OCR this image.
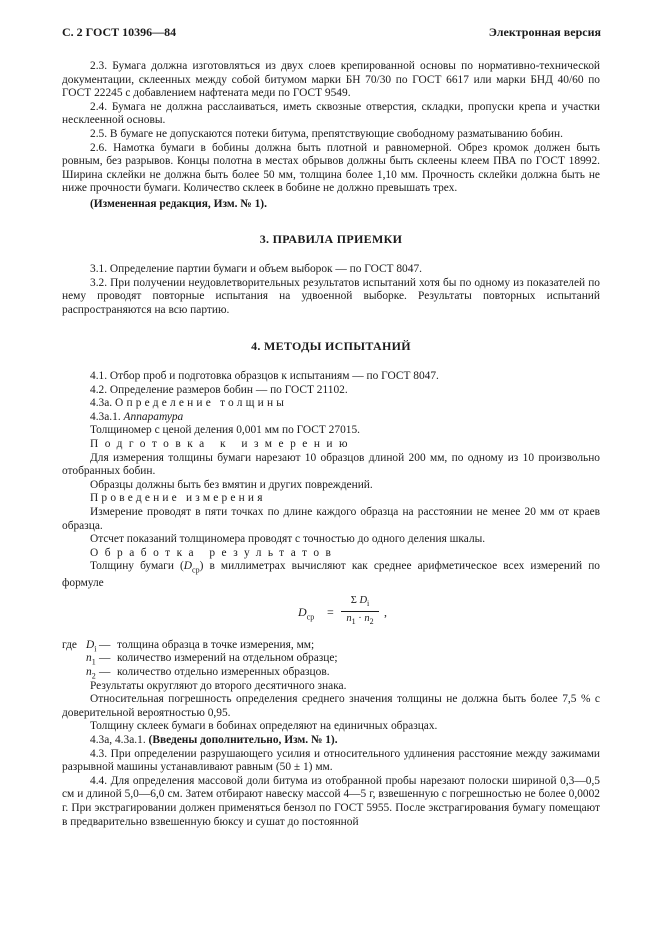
С. 2 ГОСТ 10396—84	Электронная версия

2.3. Бумага должна изготовляться из двух слоев крепированной основы по нормативно-технической документации, склеенных между собой битумом марки БН 70/30 по ГОСТ 6617 или марки БНД 40/60 по ГОСТ 22245 с добавлением нафтената меди по ГОСТ 9549.

2.4. Бумага не должна расслаиваться, иметь сквозные отверстия, складки, пропуски крепа и участки несклеенной основы.

2.5. В бумаге не допускаются потеки битума, препятствующие свободному разматыванию бобин.

2.6. Намотка бумаги в бобины должна быть плотной и равномерной. Обрез кромок должен быть ровным, без разрывов. Концы полотна в местах обрывов должны быть склеены клеем ПВА по ГОСТ 18992. Ширина склейки не должна быть более 50 мм, толщина более 1,10 мм. Прочность склейки должна быть не ниже прочности бумаги. Количество склеек в бобине не должно превышать трех.

(Измененная редакция, Изм. № 1).

3. ПРАВИЛА ПРИЕМКИ

3.1. Определение партии бумаги и объем выборок — по ГОСТ 8047.

3.2. При получении неудовлетворительных результатов испытаний хотя бы по одному из показателей по нему проводят повторные испытания на удвоенной выборке. Результаты повторных испытаний распространяются на всю партию.

4. МЕТОДЫ ИСПЫТАНИЙ

4.1. Отбор проб и подготовка образцов к испытаниям — по ГОСТ 8047.

4.2. Определение размеров бобин — по ГОСТ 21102.

4.3а. Определение толщины

4.3а.1. Аппаратура

Толщиномер с ценой деления 0,001 мм по ГОСТ 27015.

Подготовка к измерению

Для измерения толщины бумаги нарезают 10 образцов длиной 200 мм, по одному из 10 произвольно отобранных бобин.

Образцы должны быть без вмятин и других повреждений.

Проведение измерения

Измерение проводят в пяти точках по длине каждого образца на расстоянии не менее 20 мм от краев образца.

Отсчет показаний толщиномера проводят с точностью до одного деления шкалы.

Обработка результатов

Толщину бумаги $(D_{ср})$ в миллиметрах вычисляют как среднее арифметическое всех измерений по формуле

$D_{ср} = \frac{\Sigma D_i}{n_1 \cdot n_2}$ ,
где $D_i$ — толщина образца в точке измерения, мм;
$n_1$ — количество измерений на отдельном образце;
$n_2$ — количество отдельно измеренных образцов.

Результаты округляют до второго десятичного знака.

Относительная погрешность определения среднего значения толщины не должна быть более 7,5 % с доверительной вероятностью 0,95.

Толщину склеек бумаги в бобинах определяют на единичных образцах.

4.3а, 4.3а.1. (Введены дополнительно, Изм. № 1).

4.3. При определении разрушающего усилия и относительного удлинения расстояние между зажимами разрывной машины устанавливают равным (50 ± 1) мм.

4.4. Для определения массовой доли битума из отобранной пробы нарезают полоски шириной 0,3—0,5 см и длиной 5,0—6,0 см. Затем отбирают навеску массой 4—5 г, взвешенную с погрешностью не более 0,0002 г. При экстрагировании должен применяться бензол по ГОСТ 5955. После экстрагирования бумагу помещают в предварительно взвешенную бюксу и сушат до постоянной
